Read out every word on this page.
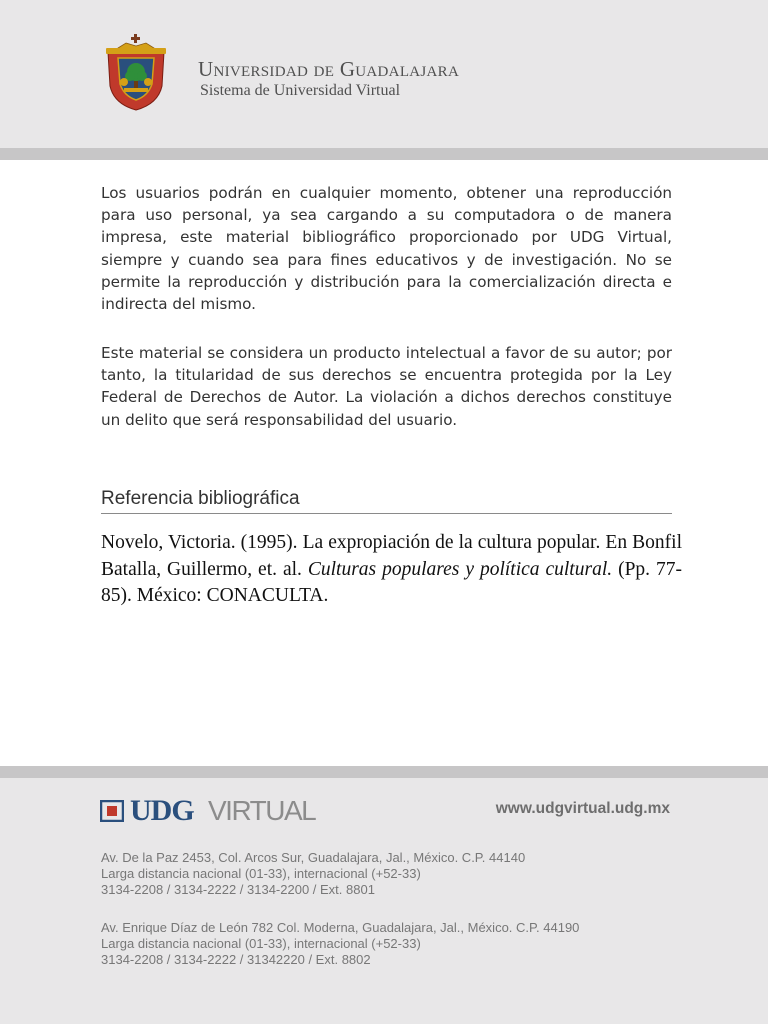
Universidad de Guadalajara
Sistema de Universidad Virtual

Los usuarios podrán en cualquier momento, obtener una reproducción para uso personal, ya sea cargando a su computadora o de manera impresa, este material bibliográfico proporcionado por UDG Virtual, siempre y cuando sea para fines educativos y de investigación. No se permite la reproducción y distribución para la comercialización directa e indirecta del mismo.

Este material se considera un producto intelectual a favor de su autor; por tanto, la titularidad de sus derechos se encuentra protegida por la Ley Federal de Derechos de Autor. La violación a dichos derechos constituye un delito que será responsabilidad del usuario.

Referencia bibliográfica

Novelo, Victoria. (1995). La expropiación de la cultura popular. En Bonfil Batalla, Guillermo, et. al. Culturas populares y política cultural. (Pp. 77-85). México: CONACULTA.

UDG VIRTUAL	www.udgvirtual.udg.mx
Av. De la Paz 2453, Col. Arcos Sur, Guadalajara, Jal., México. C.P. 44140
Larga distancia nacional (01-33), internacional (+52-33)
3134-2208 / 3134-2222 / 3134-2200 / Ext. 8801
Av. Enrique Díaz de León 782 Col. Moderna, Guadalajara, Jal., México. C.P. 44190
Larga distancia nacional (01-33), internacional (+52-33)
3134-2208 / 3134-2222 / 31342220 / Ext. 8802
